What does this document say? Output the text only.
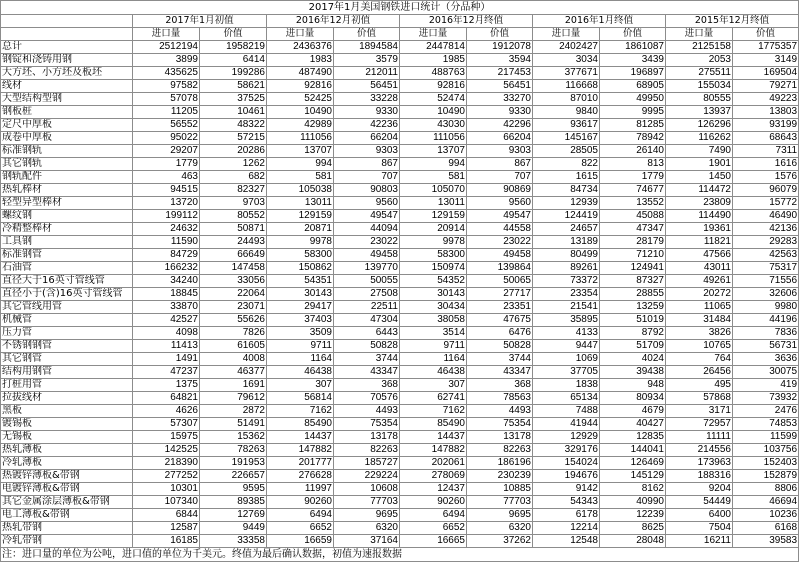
2017年1月美国钢铁进口统计（分品种）										
	2017年1月初值		2016年12月初值		2016年12月终值		2016年1月终值		2015年12月终值	
	进口量	价值	进口量	价值	进口量	价值	进口量	价值	进口量	价值
总计	2512194	1958219	2436376	1894584	2447814	1912078	2402427	1861087	2125158	1775357
钢锭和浇铸用钢	3899	6414	1983	3579	1985	3594	3034	3439	2053	3149
大方坯、小方坯及板坯	435625	199286	487490	212011	488763	217453	377671	196897	275511	169504
线材	97582	58621	92816	56451	92816	56451	116668	68905	155034	79271
大型结构型钢	57078	37525	52425	33228	52474	33270	87010	49950	80555	49223
钢板桩	11205	10461	10490	9330	10490	9330	9840	9995	13937	13803
定尺中厚板	56552	48322	42989	42236	43030	42296	93617	81285	126296	93199
成卷中厚板	95022	57215	111056	66204	111056	66204	145167	78942	116262	68643
标准钢轨	29207	20286	13707	9303	13707	9303	28505	26140	7490	7311
其它钢轨	1779	1262	994	867	994	867	822	813	1901	1616
钢轨配件	463	682	581	707	581	707	1615	1779	1450	1576
热轧棒材	94515	82327	105038	90803	105070	90869	84734	74677	114472	96079
轻型异型棒材	13720	9703	13011	9560	13011	9560	12939	13552	23809	15772
螺纹钢	199112	80552	129159	49547	129159	49547	124419	45088	114490	46490
冷精整棒材	24632	50871	20871	44094	20914	44558	24657	47347	19361	42136
工具钢	11590	24493	9978	23022	9978	23022	13189	28179	11821	29283
标准钢管	84729	66649	58300	49458	58300	49458	80499	71210	47566	42563
石油管	166232	147458	150862	139770	150974	139864	89261	124941	43011	75317
直径大于16英寸管线管	34240	33056	54351	50055	54352	50065	73372	87327	49261	71556
直径小于(含)16英寸管线管	18845	22064	30143	27508	30143	27717	23354	28855	20272	32606
其它管线用管	33870	23071	29417	22511	30434	23351	21541	13259	11065	9980
机械管	42527	55626	37403	47304	38058	47675	35895	51019	31484	44196
压力管	4098	7826	3509	6443	3514	6476	4133	8792	3826	7836
不锈钢钢管	11413	61605	9711	50828	9711	50828	9447	51709	10765	56731
其它钢管	1491	4008	1164	3744	1164	3744	1069	4024	764	3636
结构用钢管	47237	46377	46438	43347	46438	43347	37705	39438	26456	30075
打桩用管	1375	1691	307	368	307	368	1838	948	495	419
拉拔线材	64821	79612	56814	70576	62741	78563	65134	80934	57868	73932
黑板	4626	2872	7162	4493	7162	4493	7488	4679	3171	2476
镀锡板	57307	51491	85490	75354	85490	75354	41944	40427	72957	74853
无锡板	15975	15362	14437	13178	14437	13178	12929	12835	11111	11599
热轧薄板	142525	78263	147882	82263	147882	82263	329176	144041	214556	103756
冷轧薄板	218390	191953	201777	185727	202061	186196	154024	126469	173963	152403
热镀锌薄板&带钢	277252	226657	276628	229224	278069	230239	194676	145129	188316	152879
电镀锌薄板&带钢	10301	9595	11997	10608	12437	10885	9142	8162	9204	8806
其它金属涂层薄板&带钢	107340	89385	90260	77703	90260	77703	54343	40990	54449	46694
电工薄板&带钢	6844	12769	6494	9695	6494	9695	6178	12239	6400	10236
热轧带钢	12587	9449	6652	6320	6652	6320	12214	8625	7504	6168
冷轧带钢	16185	33358	16659	37164	16665	37262	12548	28048	16211	39583
注：进口量的单位为公吨，进口值的单位为千美元。终值为最后确认数据，初值为速报数据										
